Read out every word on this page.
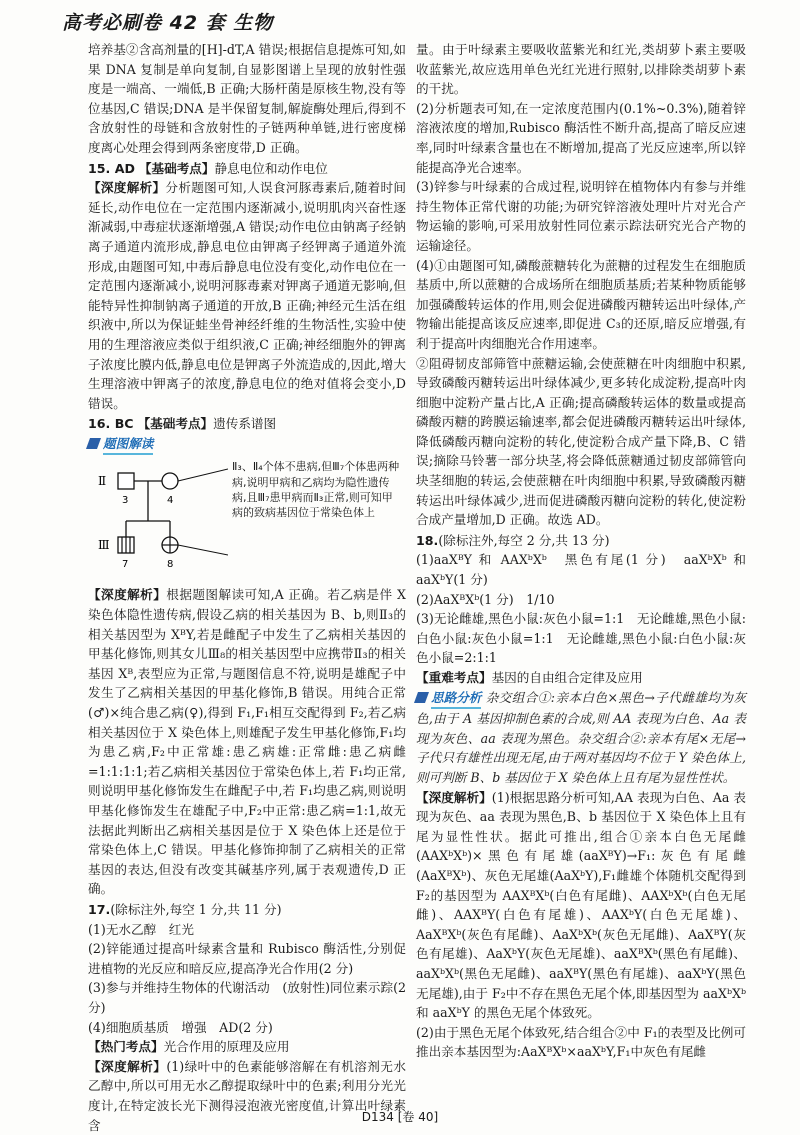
高考必刷卷 42 套 生物

培养基②含高剂量的[H]-dT,A 错误;根据信息提炼可知,如果 DNA 复制是单向复制,自显影图谱上呈现的放射性强度是一端高、一端低,B 正确;大肠杆菌是原核生物,没有等位基因,C 错误;DNA 是半保留复制,解旋酶处理后,得到不含放射性的母链和含放射性的子链两种单链,进行密度梯度离心处理会得到两条密度带,D 正确。

15. AD 【基础考点】静息电位和动作电位

【深度解析】分析题图可知,人误食河豚毒素后,随着时间延长,动作电位在一定范围内逐渐减小,说明肌肉兴奋性逐渐减弱,中毒症状逐渐增强,A 错误;动作电位由钠离子经钠离子通道内流形成,静息电位由钾离子经钾离子通道外流形成,由题图可知,中毒后静息电位没有变化,动作电位在一定范围内逐渐减小,说明河豚毒素对钾离子通道无影响,但能特异性抑制钠离子通道的开放,B 正确;神经元生活在组织液中,所以为保证蛙坐骨神经纤维的生物活性,实验中使用的生理溶液应类似于组织液,C 正确;神经细胞外的钾离子浓度比膜内低,静息电位是钾离子外流造成的,因此,增大生理溶液中钾离子的浓度,静息电位的绝对值将会变小,D 错误。

16. BC 【基础考点】遗传系谱图

题图解读
Ⅱ
Ⅲ
3	4
7	8
Ⅱ₃、Ⅱ₄个体不患病,但Ⅲ₇个体患两种病,说明甲病和乙病均为隐性遗传病,且Ⅲ₇患甲病而Ⅱ₃正常,则可知甲病的致病基因位于常染色体上

【深度解析】根据题图解读可知,A 正确。若乙病是伴 X 染色体隐性遗传病,假设乙病的相关基因为 B、b,则Ⅱ₃的相关基因型为 XᴮY,若是雌配子中发生了乙病相关基因的甲基化修饰,则其女儿Ⅲ₈的相关基因型中应携带Ⅱ₃的相关基因 Xᴮ,表型应为正常,与题图信息不符,说明是雄配子中发生了乙病相关基因的甲基化修饰,B 错误。用纯合正常(♂)×纯合患乙病(♀),得到 F₁,F₁相互交配得到 F₂,若乙病相关基因位于 X 染色体上,则雄配子发生甲基化修饰,F₁均为患乙病,F₂中正常雄:患乙病雄:正常雌:患乙病雌=1:1:1:1;若乙病相关基因位于常染色体上,若 F₁均正常,则说明甲基化修饰发生在雌配子中,若 F₁均患乙病,则说明甲基化修饰发生在雄配子中,F₂中正常:患乙病=1:1,故无法据此判断出乙病相关基因是位于 X 染色体上还是位于常染色体上,C 错误。甲基化修饰抑制了乙病相关的正常基因的表达,但没有改变其碱基序列,属于表观遗传,D 正确。

17.(除标注外,每空 1 分,共 11 分)

(1)无水乙醇　红光

(2)锌能通过提高叶绿素含量和 Rubisco 酶活性,分别促进植物的光反应和暗反应,提高净光合作用(2 分)

(3)参与并维持生物体的代谢活动　(放射性)同位素示踪(2 分)

(4)细胞质基质　增强　AD(2 分)

【热门考点】光合作用的原理及应用

【深度解析】(1)绿叶中的色素能够溶解在有机溶剂无水乙醇中,所以可用无水乙醇提取绿叶中的色素;利用分光光度计,在特定波长光下测得浸泡液光密度值,计算出叶绿素含

量。由于叶绿素主要吸收蓝紫光和红光,类胡萝卜素主要吸收蓝紫光,故应选用单色光红光进行照射,以排除类胡萝卜素的干扰。

(2)分析题表可知,在一定浓度范围内(0.1%~0.3%),随着锌溶液浓度的增加,Rubisco 酶活性不断升高,提高了暗反应速率,同时叶绿素含量也在不断增加,提高了光反应速率,所以锌能提高净光合速率。

(3)锌参与叶绿素的合成过程,说明锌在植物体内有参与并维持生物体正常代谢的功能;为研究锌溶液处理叶片对光合产物运输的影响,可采用放射性同位素示踪法研究光合产物的运输途径。

(4)①由题图可知,磷酸蔗糖转化为蔗糖的过程发生在细胞质基质中,所以蔗糖的合成场所在细胞质基质;若某种物质能够加强磷酸转运体的作用,则会促进磷酸丙糖转运出叶绿体,产物输出能提高该反应速率,即促进 C₃的还原,暗反应增强,有利于提高叶肉细胞光合作用速率。

②阻碍韧皮部筛管中蔗糖运输,会使蔗糖在叶肉细胞中积累,导致磷酸丙糖转运出叶绿体减少,更多转化成淀粉,提高叶肉细胞中淀粉产量占比,A 正确;提高磷酸转运体的数量或提高磷酸丙糖的跨膜运输速率,都会促进磷酸丙糖转运出叶绿体,降低磷酸丙糖向淀粉的转化,使淀粉合成产量下降,B、C 错误;摘除马铃薯一部分块茎,将会降低蔗糖通过韧皮部筛管向块茎细胞的转运,会使蔗糖在叶肉细胞中积累,导致磷酸丙糖转运出叶绿体减少,进而促进磷酸丙糖向淀粉的转化,使淀粉合成产量增加,D 正确。故选 AD。

18.(除标注外,每空 2 分,共 13 分)

(1)aaXᴮY 和 AAXᵇXᵇ　黑色有尾(1 分)　aaXᵇXᵇ 和 aaXᵇY(1 分)

(2)AaXᴮXᵇ(1 分)　1/10

(3)无论雌雄,黑色小鼠:灰色小鼠=1:1　无论雌雄,黑色小鼠:白色小鼠:灰色小鼠=1:1　无论雌雄,黑色小鼠:白色小鼠:灰色小鼠=2:1:1

【重难考点】基因的自由组合定律及应用

思路分析 杂交组合①:亲本白色×黑色→子代雌雄均为灰色,由于 A 基因抑制色素的合成,则 AA 表现为白色、Aa 表现为灰色、aa 表现为黑色。杂交组合②:亲本有尾×无尾→子代只有雄性出现无尾,由于两对基因均不位于 Y 染色体上,则可判断 B、b 基因位于 X 染色体上且有尾为显性性状。

【深度解析】(1)根据思路分析可知,AA 表现为白色、Aa 表现为灰色、aa 表现为黑色,B、b 基因位于 X 染色体上且有尾为显性性状。据此可推出,组合①亲本白色无尾雌(AAXᵇXᵇ)×黑色有尾雄(aaXᴮY)→F₁:灰色有尾雌(AaXᴮXᵇ)、灰色无尾雄(AaXᵇY),F₁雌雄个体随机交配得到 F₂的基因型为 AAXᴮXᵇ(白色有尾雌)、AAXᵇXᵇ(白色无尾雌)、AAXᴮY(白色有尾雄)、AAXᵇY(白色无尾雄)、AaXᴮXᵇ(灰色有尾雌)、AaXᵇXᵇ(灰色无尾雌)、AaXᴮY(灰色有尾雄)、AaXᵇY(灰色无尾雄)、aaXᴮXᵇ(黑色有尾雌)、aaXᵇXᵇ(黑色无尾雌)、aaXᴮY(黑色有尾雄)、aaXᵇY(黑色无尾雄),由于 F₂中不存在黑色无尾个体,即基因型为 aaXᵇXᵇ 和 aaXᵇY 的黑色无尾个体致死。

(2)由于黑色无尾个体致死,结合组合②中 F₁的表型及比例可推出亲本基因型为:AaXᴮXᵇ×aaXᵇY,F₁中灰色有尾雌

D134 [卷 40]
